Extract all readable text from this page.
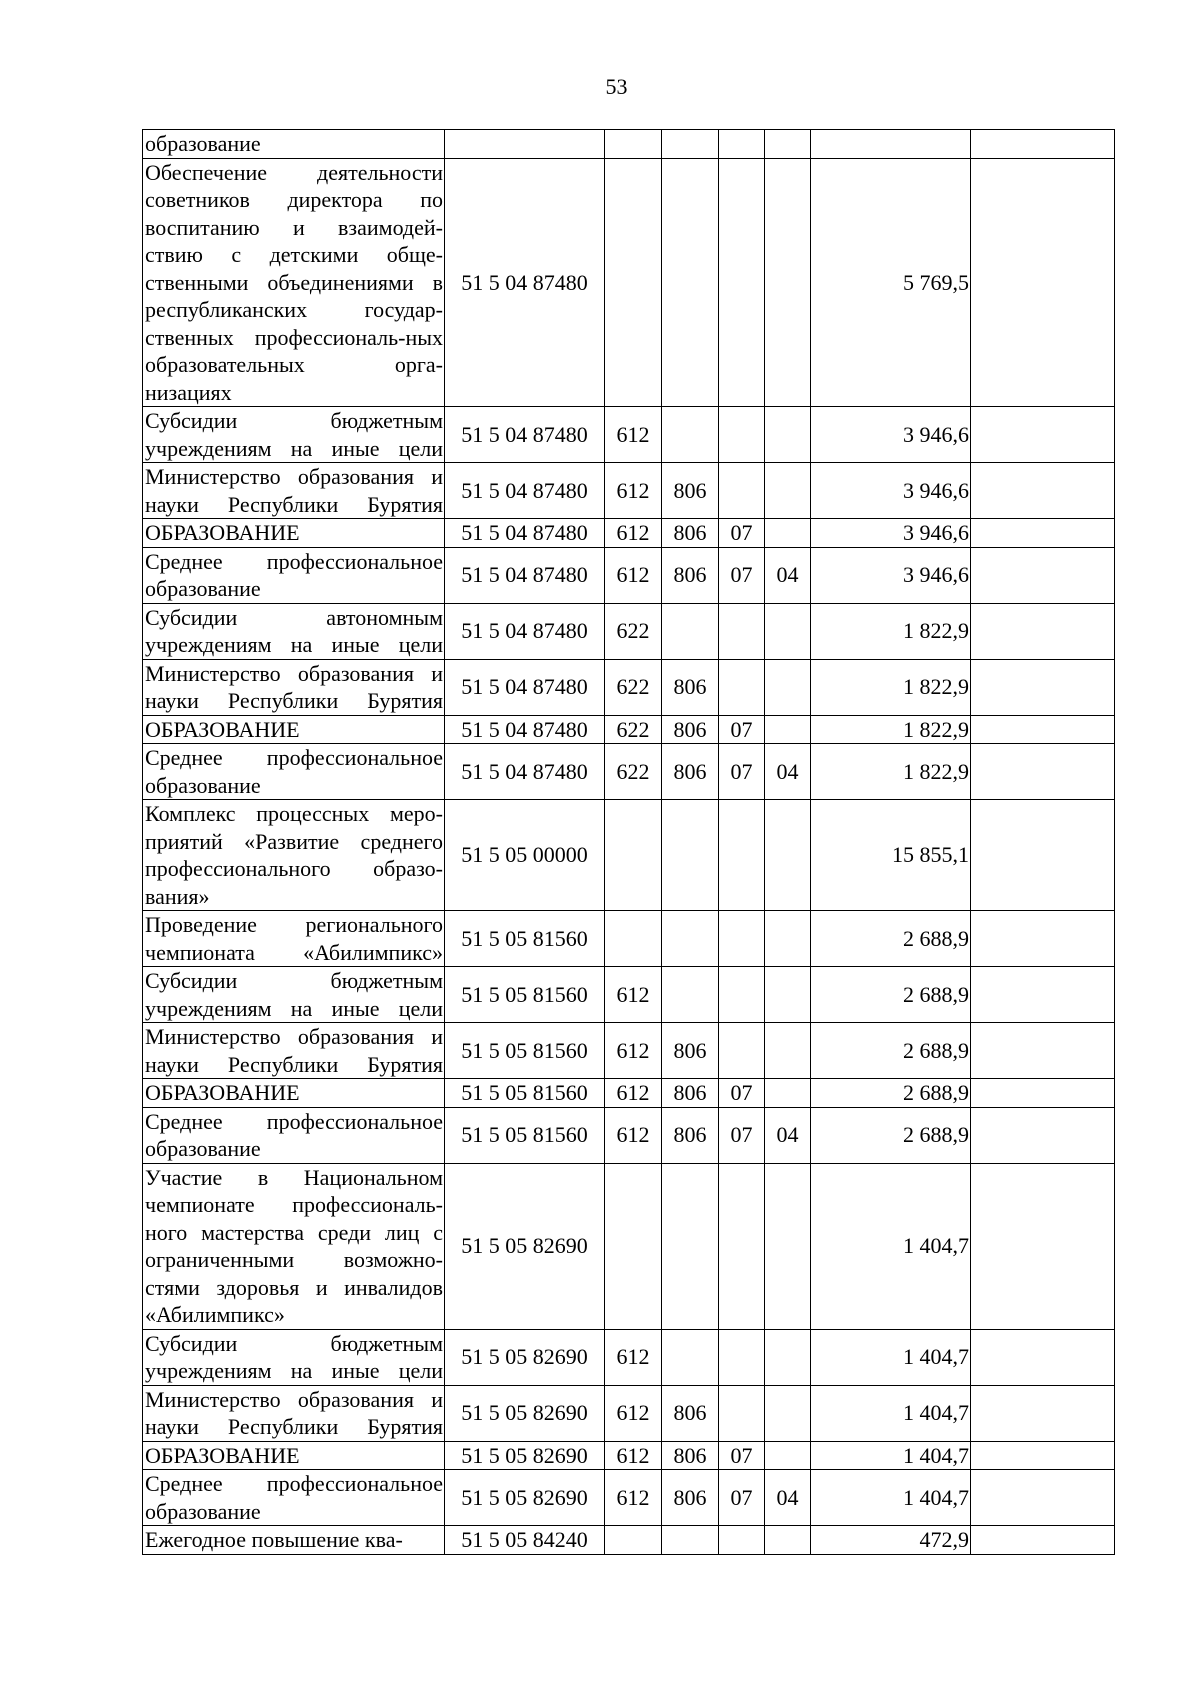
53
образование							
Обеспечение деятельности советников директора по воспитанию и взаимодей-ствию с детскими обще-ственными объединениями в республиканских государ-ственных профессиональ-ных образовательных орга-низациях	51 5 04 87480					5 769,5	
Субсидии бюджетным учреждениям на иные цели	51 5 04 87480	612				3 946,6	
Министерство образования и науки Республики Бурятия	51 5 04 87480	612	806			3 946,6	
ОБРАЗОВАНИЕ	51 5 04 87480	612	806	07		3 946,6	
Среднее профессиональное образование	51 5 04 87480	612	806	07	04	3 946,6	
Субсидии автономным учреждениям на иные цели	51 5 04 87480	622				1 822,9	
Министерство образования и науки Республики Бурятия	51 5 04 87480	622	806			1 822,9	
ОБРАЗОВАНИЕ	51 5 04 87480	622	806	07		1 822,9	
Среднее профессиональное образование	51 5 04 87480	622	806	07	04	1 822,9	
Комплекс процессных меро-приятий «Развитие среднего профессионального образо-вания»	51 5 05 00000					15 855,1	
Проведение регионального чемпионата «Абилимпикс»	51 5 05 81560					2 688,9	
Субсидии бюджетным учреждениям на иные цели	51 5 05 81560	612				2 688,9	
Министерство образования и науки Республики Бурятия	51 5 05 81560	612	806			2 688,9	
ОБРАЗОВАНИЕ	51 5 05 81560	612	806	07		2 688,9	
Среднее профессиональное образование	51 5 05 81560	612	806	07	04	2 688,9	
Участие в Национальном чемпионате профессиональ-ного мастерства среди лиц с ограниченными возможно-стями здоровья и инвалидов «Абилимпикс»	51 5 05 82690					1 404,7	
Субсидии бюджетным учреждениям на иные цели	51 5 05 82690	612				1 404,7	
Министерство образования и науки Республики Бурятия	51 5 05 82690	612	806			1 404,7	
ОБРАЗОВАНИЕ	51 5 05 82690	612	806	07		1 404,7	
Среднее профессиональное образование	51 5 05 82690	612	806	07	04	1 404,7	
Ежегодное повышение ква-	51 5 05 84240					472,9	
